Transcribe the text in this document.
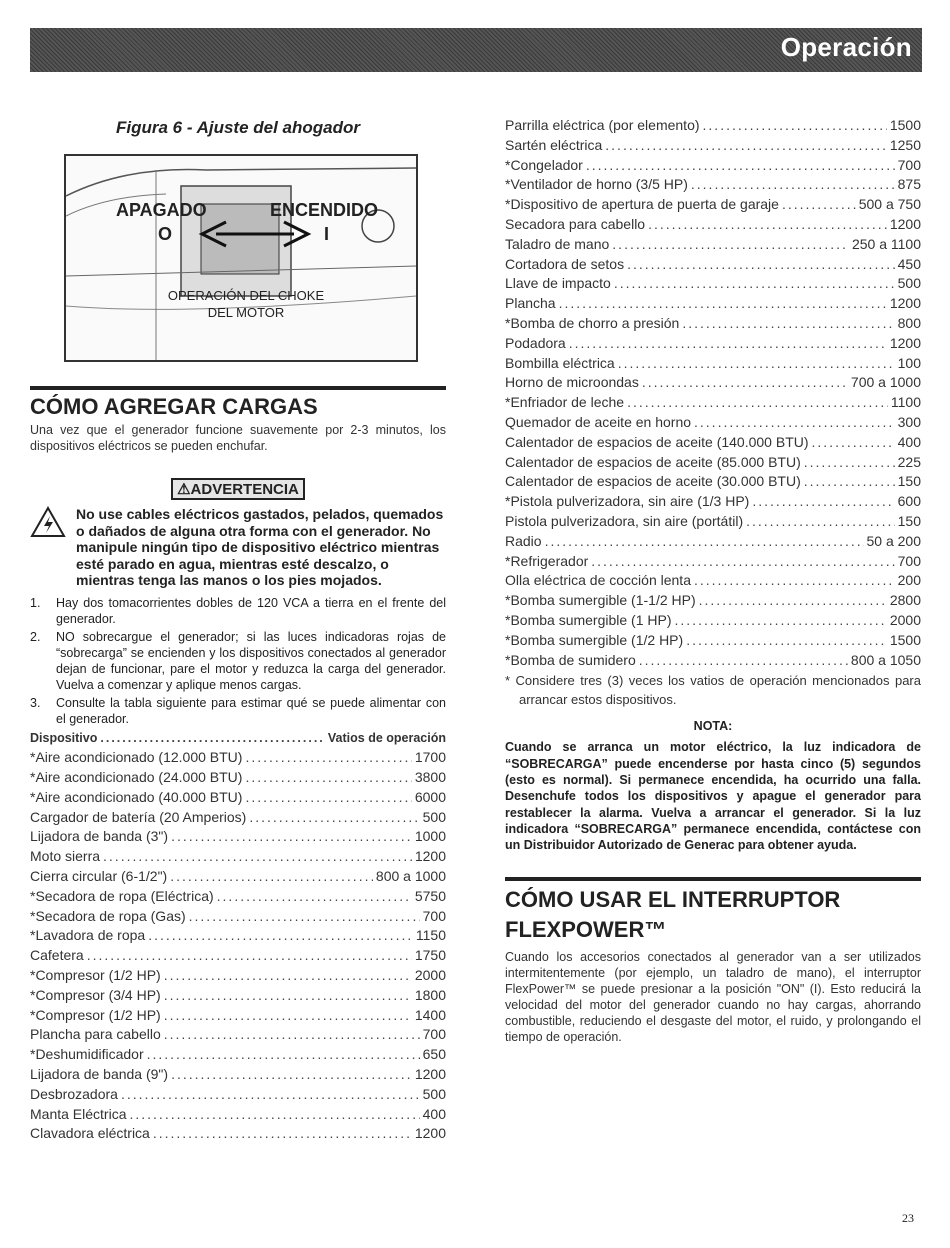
Operación
Figura 6 - Ajuste del ahogador
APAGADO
O
ENCENDIDO
I
OPERACIÓN DEL CHOKE
DEL MOTOR
CÓMO AGREGAR CARGAS
Una vez que el generador funcione suavemente por 2-3 minutos, los dispositivos eléctricos se pueden enchufar.
⚠ADVERTENCIA
No use cables eléctricos gastados, pelados, quemados o dañados de alguna otra forma con el generador. No manipule ningún tipo de dispositivo eléctrico mientras esté parado en agua, mientras esté descalzo, o mientras tenga las manos o los pies mojados.
1. Hay dos tomacorrientes dobles de 120 VCA a tierra en el frente del generador.
2. NO sobrecargue el generador; si las luces indicadoras rojas de “sobrecarga” se encienden y los dispositivos conectados al generador dejan de funcionar, pare el motor y reduzca la carga del generador. Vuelva a comenzar y aplique menos cargas.
3. Consulte la tabla siguiente para estimar qué se puede alimentar con el generador.
Dispositivo .....	Vatios de operación
*Aire acondicionado (12.000 BTU) .....	1700
*Aire acondicionado (24.000 BTU) .....	3800
*Aire acondicionado (40.000 BTU) .....	6000
Cargador de batería (20 Amperios) .....	500
Lijadora de banda (3") .....	1000
Moto sierra .....	1200
Cierra circular (6-1/2") .....	800 a 1000
*Secadora de ropa (Eléctrica) .....	5750
*Secadora de ropa (Gas) .....	700
*Lavadora de ropa .....	1150
Cafetera .....	1750
*Compresor (1/2 HP) .....	2000
*Compresor (3/4 HP) .....	1800
*Compresor (1/2 HP) .....	1400
Plancha para cabello .....	700
*Deshumidificador .....	650
Lijadora de banda (9") .....	1200
Desbrozadora .....	500
Manta Eléctrica .....	400
Clavadora eléctrica .....	1200
Parrilla eléctrica (por elemento) .....	1500
Sartén eléctrica .....	1250
*Congelador .....	700
*Ventilador de horno (3/5 HP) .....	875
*Dispositivo de apertura de puerta de garaje .....	500 a 750
Secadora para cabello .....	1200
Taladro de mano .....	250 a 1100
Cortadora de setos .....	450
Llave de impacto .....	500
Plancha .....	1200
*Bomba de chorro a presión .....	800
Podadora .....	1200
Bombilla eléctrica .....	100
Horno de microondas .....	700 a 1000
*Enfriador de leche .....	1100
Quemador de aceite en horno .....	300
Calentador de espacios de aceite (140.000 BTU) .....	400
Calentador de espacios de aceite (85.000 BTU) .....	225
Calentador de espacios de aceite (30.000 BTU) .....	150
*Pistola pulverizadora, sin aire (1/3 HP) .....	600
Pistola pulverizadora, sin aire (portátil) .....	150
Radio .....	50 a 200
*Refrigerador .....	700
Olla eléctrica de cocción lenta .....	200
*Bomba sumergible (1-1/2 HP) .....	2800
*Bomba sumergible (1 HP) .....	2000
*Bomba sumergible (1/2 HP) .....	1500
*Bomba de sumidero .....	800 a 1050
* Considere tres (3) veces los vatios de operación mencionados para arrancar estos dispositivos.
NOTA:
Cuando se arranca un motor eléctrico, la luz indicadora de “SOBRECARGA” puede encenderse por hasta cinco (5) segundos (esto es normal). Si permanece encendida, ha ocurrido una falla. Desenchufe todos los dispositivos y apague el generador para restablecer la alarma. Vuelva a arrancar el generador. Si la luz indicadora “SOBRECARGA” permanece encendida, contáctese con un Distribuidor Autorizado de Generac para obtener ayuda.
CÓMO USAR EL INTERRUPTOR
FLEXPOWER™
Cuando los accesorios conectados al generador van a ser utilizados intermitentemente (por ejemplo, un taladro de mano), el interruptor FlexPower™ se puede presionar a la posición "ON" (I). Esto reducirá la velocidad del motor del generador cuando no hay cargas, ahorrando combustible, reduciendo el desgaste del motor, el ruido, y prolongando el tiempo de operación.
23
